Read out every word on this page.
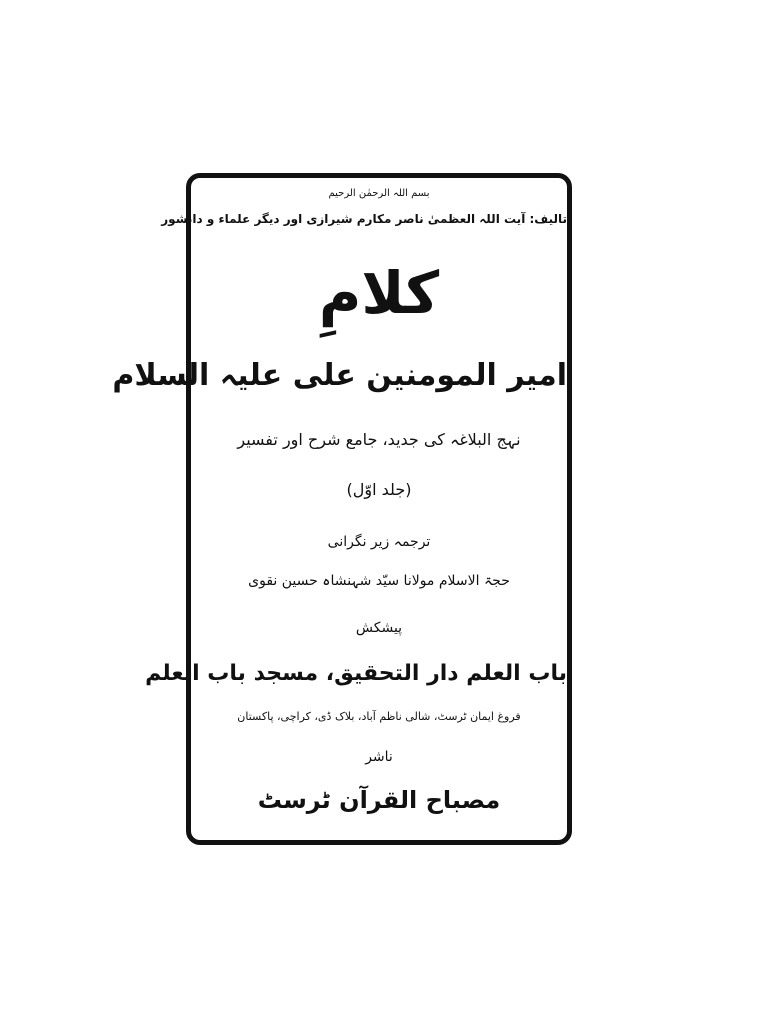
بسم اللہ الرحمٰن الرحیم
تالیف: آیت اللہ العظمیٰ ناصر مکارم شیرازی اور دیگر علماء و دانشور
کلامِ
امیر المومنین علی علیہ السلام
نہج البلاغہ کی جدید، جامع شرح اور تفسیر
(جلد اوّل)
ترجمہ زیر نگرانی
حجۃ الاسلام مولانا سیّد شہنشاہ حسین نقوی
پیشکش
باب العلم دار التحقیق، مسجد باب العلم
فروغ ایمان ٹرسٹ، شالی ناظم آباد، بلاک ڈی، کراچی، پاکستان
ناشر
مصباح القرآن ٹرسٹ
